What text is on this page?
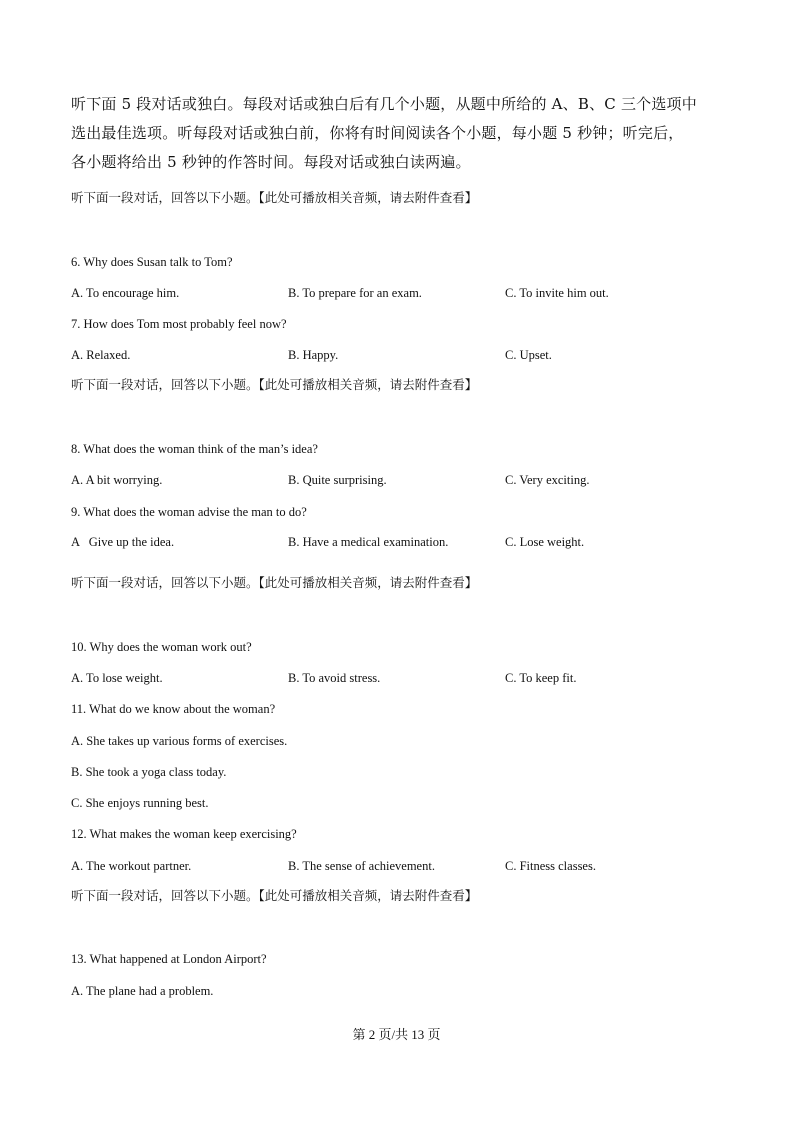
听下面 5 段对话或独白。每段对话或独白后有几个小题，从题中所给的 A、B、C 三个选项中
选出最佳选项。听每段对话或独白前，你将有时间阅读各个小题，每小题 5 秒钟；听完后，
各小题将给出 5 秒钟的作答时间。每段对话或独白读两遍。
听下面一段对话，回答以下小题。【此处可播放相关音频，请去附件查看】
6. Why does Susan talk to Tom?
A. To encourage him.	B. To prepare for an exam.	C. To invite him out.
7. How does Tom most probably feel now?
A. Relaxed.	B. Happy.	C. Upset.
听下面一段对话，回答以下小题。【此处可播放相关音频，请去附件查看】
8. What does the woman think of the man’s idea?
A. A bit worrying.	B. Quite surprising.	C. Very exciting.
9. What does the woman advise the man to do?
A   Give up the idea.	B. Have a medical examination.	C. Lose weight.
听下面一段对话，回答以下小题。【此处可播放相关音频，请去附件查看】
10. Why does the woman work out?
A. To lose weight.	B. To avoid stress.	C. To keep fit.
11. What do we know about the woman?
A. She takes up various forms of exercises.
B. She took a yoga class today.
C. She enjoys running best.
12. What makes the woman keep exercising?
A. The workout partner.	B. The sense of achievement.	C. Fitness classes.
听下面一段对话，回答以下小题。【此处可播放相关音频，请去附件查看】
13. What happened at London Airport?
A. The plane had a problem.
第 2 页/共 13 页
